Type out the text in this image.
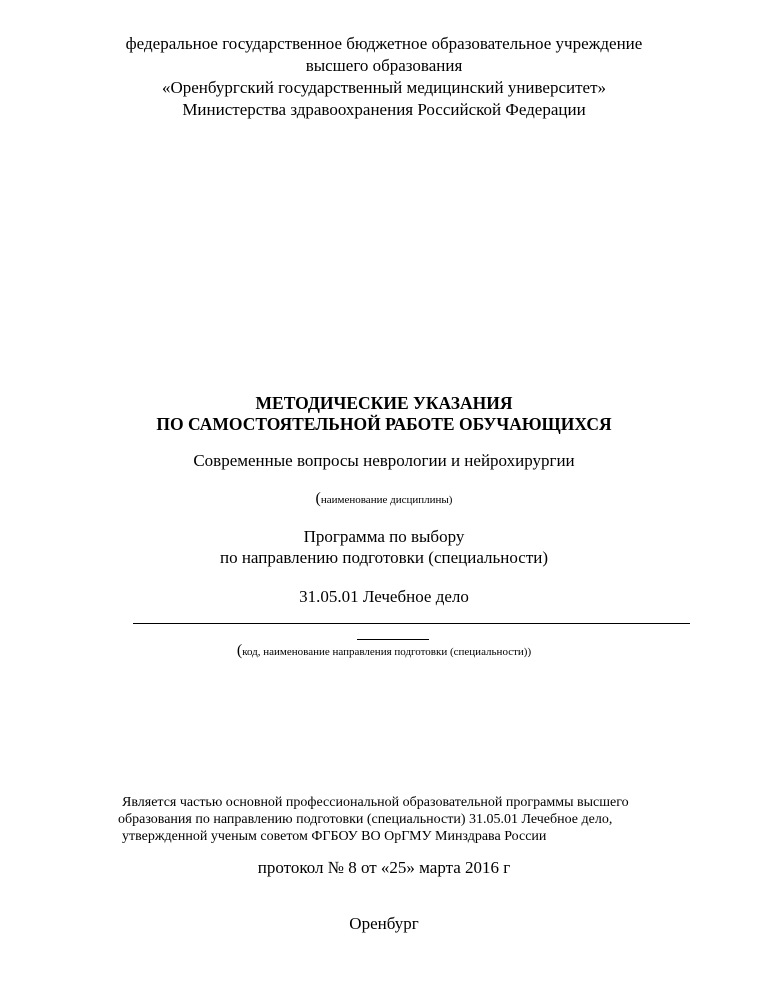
федеральное государственное бюджетное образовательное учреждение
высшего образования
«Оренбургский государственный медицинский университет»
Министерства здравоохранения Российской Федерации
МЕТОДИЧЕСКИЕ УКАЗАНИЯ
ПО САМОСТОЯТЕЛЬНОЙ РАБОТЕ ОБУЧАЮЩИХСЯ
Современные вопросы неврологии и нейрохирургии
(наименование дисциплины)
Программа по выбору
по направлению подготовки (специальности)
31.05.01 Лечебное дело
(код, наименование направления подготовки (специальности))
Является частью основной профессиональной образовательной программы высшего
образования по направлению подготовки (специальности) 31.05.01 Лечебное дело,
утвержденной ученым советом ФГБОУ ВО ОрГМУ Минздрава России
протокол № 8 от «25» марта 2016 г
Оренбург
